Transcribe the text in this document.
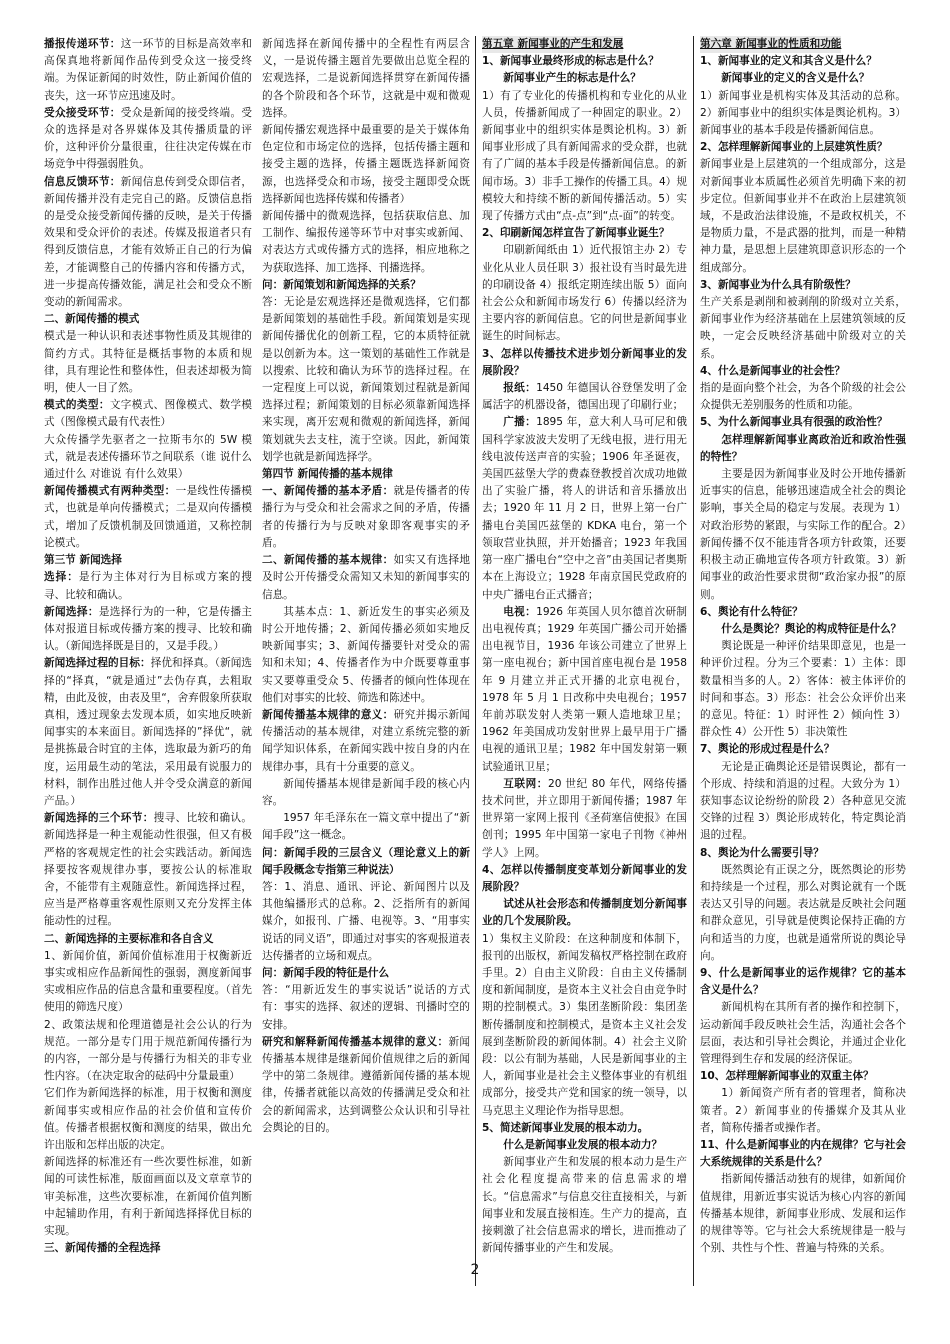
播报传递环节：这一环节的目标是高效率和高保真地将新闻作品传到受众这一接受终端。为保证新闻的时效性，防止新闻价值的丧失，这一环节应迅速及时。

受众接受环节：受众是新闻的接受终端。受众的选择是对各界媒体及其传播质量的评价，这种评价分量很重，往往决定传媒在市场竞争中得强弱胜负。

信息反馈环节：新闻信息传到受众即信者，新闻传播并没有走完自己的路。反馈信息指的是受众接受新闻传播的反映，是关于传播效果和受众评价的表述。传媒及报道者只有得到反馈信息，才能有效矫正自己的行为偏差，才能调整自己的传播内容和传播方式，进一步提高传播效能，满足社会和受众不断变动的新闻需求。

二、新闻传播的模式

模式是一种认识和表述事物性质及其规律的简约方式。其特征是概括事物的本质和规律，具有理论性和整体性，但表述却极为简明，使人一目了然。

模式的类型：文字模式、图像模式、数学模式（图像模式最有代表性）

大众传播学先驱者之一拉斯韦尔的 5W 模式，就是表述传播环节之间联系（谁 说什么 通过什么 对谁说 有什么效果）

新闻传播模式有两种类型：一是线性传播模式，也就是单向传播模式；二是双向传播模式，增加了反馈机制及回馈通道，又称控制论模式。

第三节 新闻选择

选择：是行为主体对行为目标或方案的搜寻、比较和确认。

新闻选择：是选择行为的一种，它是传播主体对报道目标或传播方案的搜寻、比较和确认。（新闻选择既是目的，又是手段。）

新闻选择过程的目标：择优和择真。（新闻选择的“择真，“就是通过”去伪存真，去粗取精，由此及彼，由表及里“，舍弃假象所获取真相，透过现象去发现本质，如实地反映新闻事实的本来面目。新闻选择的”择优“，就是挑拣最合时宜的主体，选取最为新巧的角度，运用最生动的笔法，采用最有说服力的材料，制作出胜过他人并令受众满意的新闻产品。）

新闻选择的三个环节：搜寻、比较和确认。新闻选择是一种主观能动性很强，但又有极严格的客观规定性的社会实践活动。新闻选择要按客观规律办事，要按公认的标准取舍，不能带有主观随意性。新闻选择过程，应当是严格尊重客观性原则又充分发挥主体能动性的过程。

二、新闻选择的主要标准和各自含义

1、新闻价值，新闻价值标准用于权衡新近事实或相应作品新闻性的强弱，测度新闻事实或相应作品的信息含量和重要程度。（首先使用的筛选尺度）

2、政策法规和伦理道德是社会公认的行为规范。一部分是专门用于规范新闻传播行为的内容，一部分是与传播行为相关的非专业性内容。（在决定取舍的砝码中分量最重）

它们作为新闻选择的标准，用于权衡和测度新闻事实或相应作品的社会价值和宣传价值。传播者根据权衡和测度的结果，做出允许出版和怎样出版的决定。

新闻选择的标准还有一些次要性标准，如新闻的可读性标准，版面画面以及文章章节的审美标准，这些次要标准，在新闻价值判断中起辅助作用，有利于新闻选择择优目标的实现。

三、新闻传播的全程选择

新闻选择在新闻传播中的全程性有两层含义，一是说传播主题首先要做出总览全程的宏观选择，二是说新闻选择贯穿在新闻传播的各个阶段和各个环节，这就是中观和微观选择。

新闻传播宏观选择中最重要的是关于媒体角色定位和市场定位的选择，包括传播主题和接受主题的选择，传播主题既选择新闻资源，也选择受众和市场，接受主题即受众既选择新闻也选择传媒和传播者）

新闻传播中的微观选择，包括获取信息、加工制作、编报传递等环节中对事实或新闻、对表达方式或传播方式的选择，相应地称之为获取选择、加工选择、刊播选择。

问：新闻策划和新闻选择的关系？

答：无论是宏观选择还是微观选择，它们都是新闻策划的基础性手段。新闻策划是实现新闻传播优化的创新工程，它的本质特征就是以创新为本。这一策划的基础性工作就是以搜索、比较和确认为环节的选择过程。在一定程度上可以说，新闻策划过程就是新闻选择过程；新闻策划的目标必须靠新闻选择来实现，离开宏观和微观的新闻选择，新闻策划就失去支柱，流于空谈。因此，新闻策划学也就是新闻选择学。

第四节 新闻传播的基本规律

一、新闻传播的基本矛盾：就是传播者的传播行为与受众和社会需求之间的矛盾，传播者的传播行为与反映对象即客观事实的矛盾。

二、新闻传播的基本规律：如实又有选择地及时公开传播受众需知又未知的新闻事实的信息。

其基本点：1、新近发生的事实必须及时公开地传播；2、新闻传播必须如实地反映新闻事实；3、新闻传播要针对受众的需知和未知；4、传播者作为中介既要尊重事实又要尊重受众 5、传播者的倾向性体现在他们对事实的比较、筛选和陈述中。

新闻传播基本规律的意义：研究并揭示新闻传播活动的基本规律，对建立系统完整的新闻学知识体系，在新闻实践中按自身的内在规律办事，具有十分重要的意义。

新闻传播基本规律是新闻手段的核心内容。

1957 年毛泽东在一篇文章中提出了“新闻手段”这一概念。

问：新闻手段的三层含义（理论意义上的新闻手段概念专指第三种说法）

答：1、消息、通讯、评论、新闻图片以及其他编播形式的总称。2、泛指所有的新闻媒介，如报刊、广播、电视等。3、“用事实说话的同义语”，即通过对事实的客观报道表达传播者的立场和观点。

问：新闻手段的特征是什么

答：“用新近发生的事实说话”说话的方式有：事实的选择、叙述的逻辑、刊播时空的安排。

研究和解释新闻传播基本规律的意义：新闻传播基本规律是继新闻价值规律之后的新闻学中的第二条规律。遵循新闻传播的基本规律，传播者就能以高效的传播满足受众和社会的新闻需求，达到调整公众认识和引导社会舆论的目的。

第五章 新闻事业的产生和发展

1、新闻事业最终形成的标志是什么？

新闻事业产生的标志是什么？

1）有了专业化的传播机构和专业化的从业人员，传播新闻成了一种固定的职业。2）新闻事业中的组织实体是舆论机构。3）新闻事业形成了具有新闻需求的受众群，也就有了广阔的基本手段是传播新闻信息。的新闻市场。3）非手工操作的传播工具。4）规模较大和持续不断的新闻传播活动。5）实现了传播方式由“点-点”到“点-面”的转变。

2、印刷新闻怎样宣告了新闻事业诞生？

印刷新闻纸由 1）近代报馆主办 2）专业化从业人员任职 3）报社设有当时最先进的印刷设备 4）报纸定期连续出版 5）面向社会公众和新闻市场发行 6）传播以经济为主要内容的新闻信息。它的问世是新闻事业诞生的时间标志。

3、怎样以传播技术进步划分新闻事业的发展阶段？

报纸：1450 年德国认谷登堡发明了金属活字的机器设备，德国出现了印刷行业；

广播：1895 年，意大利人马可尼和俄国科学家波波夫发明了无线电报，进行用无线电波传送声音的实验；1906 年圣诞夜，美国匹兹堡大学的费森登教授首次成功地做出了实验广播，将人的讲话和音乐播放出去；1920 年 11 月 2 日，世界上第一台广播电台美国匹兹堡的 KDKA 电台，第一个领取营业执照，并开始播音；1923 年我国第一座广播电台“空中之音”由美国记者奥斯本在上海设立；1928 年南京国民党政府的中央广播电台正式播音；

电视：1926 年英国人贝尔德首次研制出电视传真；1929 年英国广播公司开始播出电视节目，1936 年该公司建立了世界上第一座电视台；新中国首座电视台是 1958 年 9 月建立并正式开播的北京电视台，1978 年 5 月 1 日改称中央电视台；1957 年前苏联发射人类第一颗人造地球卫星；1962 年美国成功发射世界上最早用于广播电视的通讯卫星；1982 年中国发射第一颗试验通讯卫星；

互联网：20 世纪 80 年代，网络传播技术问世，并立即用于新闻传播；1987 年世界第一家网上报刊《圣荷塞信使报》在国创刊；1995 年中国第一家电子刊物《神州学人》上网。

4、怎样以传播制度变革划分新闻事业的发展阶段？

试述从社会形态和传播制度划分新闻事业的几个发展阶段。

1）集权主义阶段：在这种制度和体制下，报刊的出版权，新闻发稿权严格控制在政府手里。2）自由主义阶段：自由主义传播制度和新闻制度，是资本主义社会自由竞争时期的控制模式。3）集团垄断阶段：集团垄断传播制度和控制模式，是资本主义社会发展到垄断阶段的新闻体制。4）社会主义阶段：以公有制为基础，人民是新闻事业的主人，新闻事业是社会主义整体事业的有机组成部分，接受共产党和国家的统一领导，以马克思主义理论作为指导思想。

5、简述新闻事业发展的根本动力。

什么是新闻事业发展的根本动力？

新闻事业产生和发展的根本动力是生产社会化程度提高带来的信息需求的增长。“信息需求”与信息交往直接相关，与新闻事业和发展直接相连。生产力的提高，直接刺激了社会信息需求的增长，进而推动了新闻传播事业的产生和发展。

第六章 新闻事业的性质和功能

1、新闻事业的定义和其含义是什么？

新闻事业的定义的含义是什么？

1）新闻事业是机构实体及其活动的总称。2）新闻事业中的组织实体是舆论机构。3）新闻事业的基本手段是传播新闻信息。

2、怎样理解新闻事业的上层建筑性质？

新闻事业是上层建筑的一个组成部分，这是对新闻事业本质属性必须首先明确下来的初步定位。但新闻事业并不在政治上层建筑领域，不是政治法律设施，不是政权机关，不是物质力量，不是武器的批判，而是一种精神力量，是思想上层建筑即意识形态的一个组成部分。

3、新闻事业为什么具有阶级性？

生产关系是剥削和被剥削的阶级对立关系，新闻事业作为经济基础在上层建筑领域的反映，一定会反映经济基础中阶级对立的关系。

4、什么是新闻事业的社会性？

指的是面向整个社会，为各个阶级的社会公众提供无差别服务的性质和功能。

5、为什么新闻事业具有很强的政治性？

怎样理解新闻事业离政治近和政治性强的特性？

主要是因为新闻事业及时公开地传播新近事实的信息，能够迅速造成全社会的舆论影响，事关全局的稳定与发展。表现为 1）对政治形势的紧跟，与实际工作的配合。2）新闻传播不仅不能违背各项方针政策，还要积极主动正确地宣传各项方针政策。3）新闻事业的政治性要求贯彻“政治家办报”的原则。

6、舆论有什么特征？

什么是舆论？舆论的构成特征是什么？

舆论既是一种评价结果即意见，也是一种评价过程。分为三个要素：1）主体：即数量相当多的人。2）客体：被主体评价的时间和事态。3）形态：社会公众评价出来的意见。特征：1）时评性 2）倾向性 3）群众性 4）公开性 5）非决策性

7、舆论的形成过程是什么？

无论是正确舆论还是错误舆论，都有一个形成、持续和消退的过程。大致分为 1）获知事态议论纷纷的阶段 2）各种意见交流交锋的过程 3）舆论形成转化，特定舆论消退的过程。

8、舆论为什么需要引导？

既然舆论有正误之分，既然舆论的形势和持续是一个过程，那么对舆论就有一个既表达又引导的问题。表达就是反映社会问题和群众意见，引导就是使舆论保持正确的方向和适当的力度，也就是通常所说的舆论导向。

9、什么是新闻事业的运作规律？它的基本含义是什么？

新闻机构在其所有者的操作和控制下，运动新闻手段反映社会生活，沟通社会各个层面，表达和引导社会舆论，并通过企业化管理得到生存和发展的经济保证。

10、怎样理解新闻事业的双重主体？

1）新闻资产所有者的管理者，简称决策者。2）新闻事业的传播媒介及其从业者，简称传播者或操作者。

11、什么是新闻事业的内在规律？它与社会大系统规律的关系是什么？

指新闻传播活动独有的规律，如新闻价值规律，用新近事实说话为核心内容的新闻传播基本规律，新闻事业形成、发展和运作的规律等等。它与社会大系统规律是一般与个别、共性与个性、普遍与特殊的关系。

2
